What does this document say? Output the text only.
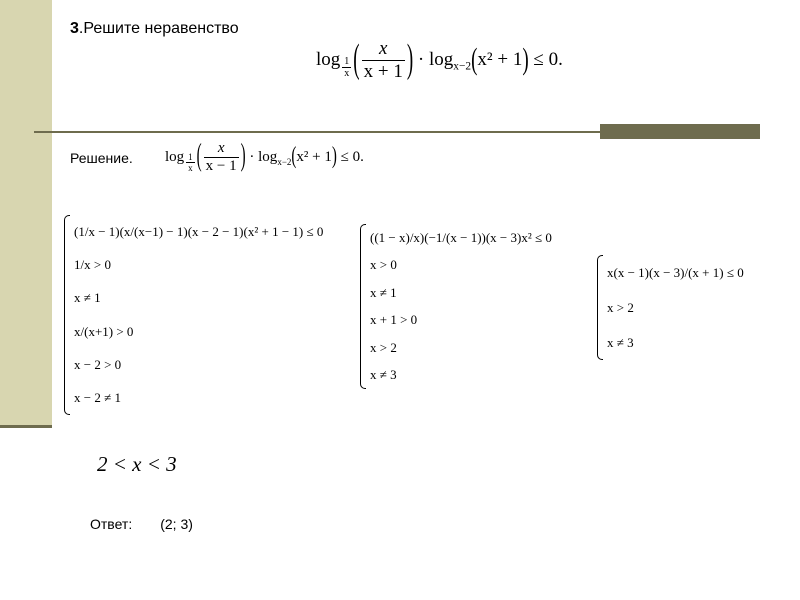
3.Решите неравенство
log $_{\frac{1}{x}}$ ( $\frac{x}{x + 1}$ ) · $\log_{x-2}(x^2 + 1) \le 0$.
Решение. log $_{\frac{1}{x}}$ ( $\frac{x}{x - 1}$ ) · $\log_{x-2}(x^2 + 1) \le 0$.
(1/x − 1)(x/(x−1) − 1)(x − 2 − 1)(x² + 1 − 1) ≤ 0
1/x > 0
x ≠ 1
x/(x+1) > 0
x − 2 > 0
x − 2 ≠ 1
((1 − x)/x)(−1/(x − 1))(x − 3)x² ≤ 0
x > 0
x ≠ 1
x + 1 > 0
x > 2
x ≠ 3
x(x − 1)(x − 3)/(x + 1) ≤ 0
x > 2
x ≠ 3
2 < x < 3
Ответ: (2; 3)
